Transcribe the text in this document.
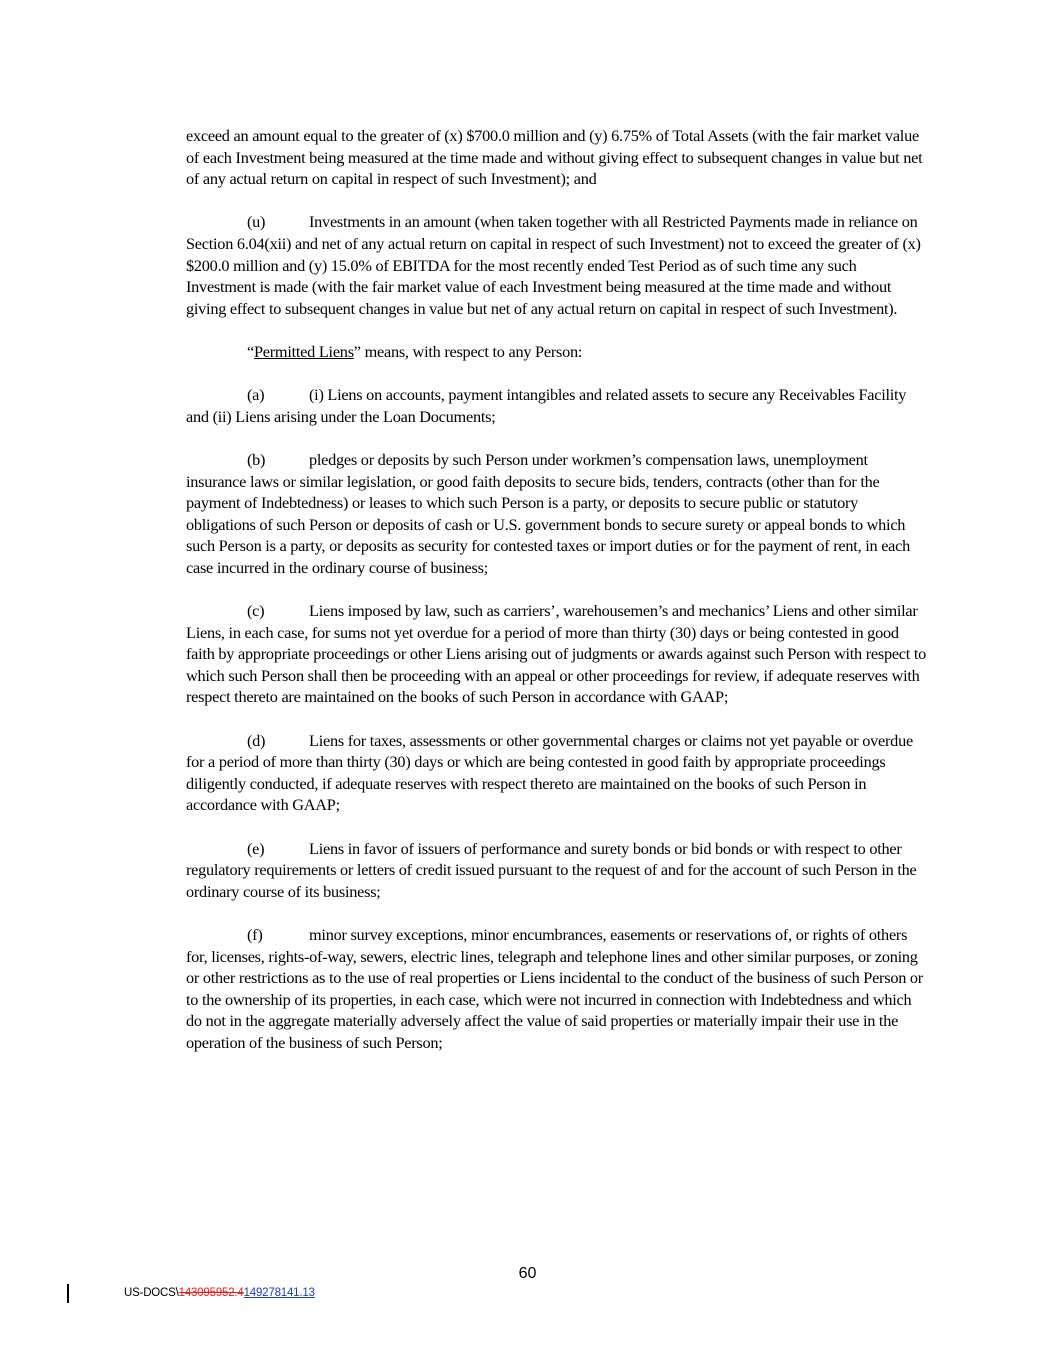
exceed an amount equal to the greater of (x) $700.0 million and (y) 6.75% of Total Assets (with the fair market value of each Investment being measured at the time made and without giving effect to subsequent changes in value but net of any actual return on capital in respect of such Investment); and

(u)	Investments in an amount (when taken together with all Restricted Payments made in reliance on Section 6.04(xii) and net of any actual return on capital in respect of such Investment) not to exceed the greater of (x) $200.0 million and (y) 15.0% of EBITDA for the most recently ended Test Period as of such time any such Investment is made (with the fair market value of each Investment being measured at the time made and without giving effect to subsequent changes in value but net of any actual return on capital in respect of such Investment).

“Permitted Liens” means, with respect to any Person:

(a)	(i) Liens on accounts, payment intangibles and related assets to secure any Receivables Facility and (ii) Liens arising under the Loan Documents;

(b)	pledges or deposits by such Person under workmen’s compensation laws, unemployment insurance laws or similar legislation, or good faith deposits to secure bids, tenders, contracts (other than for the payment of Indebtedness) or leases to which such Person is a party, or deposits to secure public or statutory obligations of such Person or deposits of cash or U.S. government bonds to secure surety or appeal bonds to which such Person is a party, or deposits as security for contested taxes or import duties or for the payment of rent, in each case incurred in the ordinary course of business;

(c)	Liens imposed by law, such as carriers’, warehousemen’s and mechanics’ Liens and other similar Liens, in each case, for sums not yet overdue for a period of more than thirty (30) days or being contested in good faith by appropriate proceedings or other Liens arising out of judgments or awards against such Person with respect to which such Person shall then be proceeding with an appeal or other proceedings for review, if adequate reserves with respect thereto are maintained on the books of such Person in accordance with GAAP;

(d)	Liens for taxes, assessments or other governmental charges or claims not yet payable or overdue for a period of more than thirty (30) days or which are being contested in good faith by appropriate proceedings diligently conducted, if adequate reserves with respect thereto are maintained on the books of such Person in accordance with GAAP;

(e)	Liens in favor of issuers of performance and surety bonds or bid bonds or with respect to other regulatory requirements or letters of credit issued pursuant to the request of and for the account of such Person in the ordinary course of its business;

(f)	minor survey exceptions, minor encumbrances, easements or reservations of, or rights of others for, licenses, rights-of-way, sewers, electric lines, telegraph and telephone lines and other similar purposes, or zoning or other restrictions as to the use of real properties or Liens incidental to the conduct of the business of such Person or to the ownership of its properties, in each case, which were not incurred in connection with Indebtedness and which do not in the aggregate materially adversely affect the value of said properties or materially impair their use in the operation of the business of such Person;

60
US-DOCS\143095952.4149278141.13
